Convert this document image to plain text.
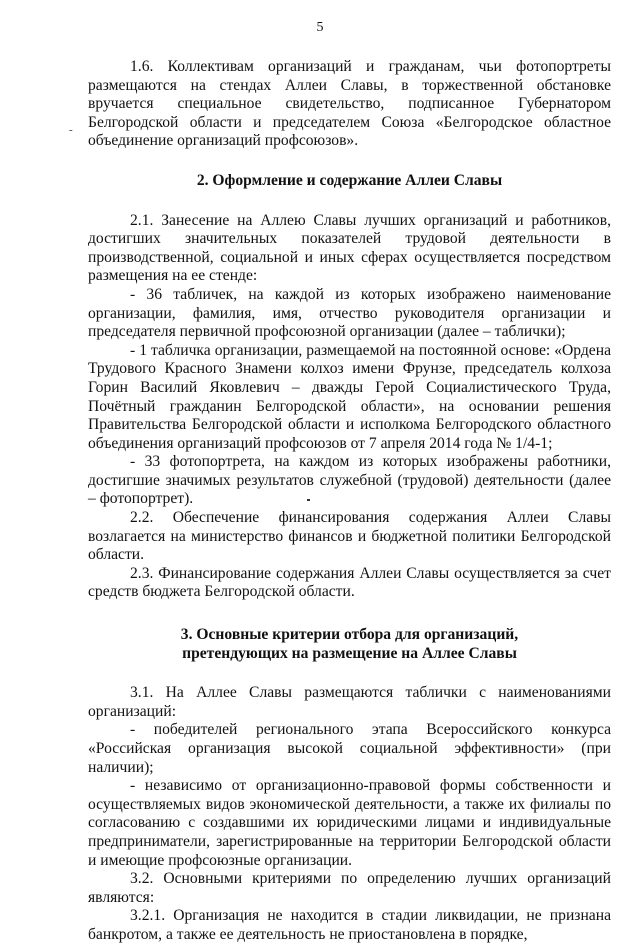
5
-

1.6. Коллективам организаций и гражданам, чьи фотопортреты размещаются на стендах Аллеи Славы, в торжественной обстановке вручается специальное свидетельство, подписанное Губернатором Белгородской области и председателем Союза «Белгородское областное объединение организаций профсоюзов».

2. Оформление и содержание Аллеи Славы

2.1. Занесение на Аллею Славы лучших организаций и работников, достигших значительных показателей трудовой деятельности в производственной, социальной и иных сферах осуществляется посредством размещения на ее стенде:

- 36 табличек, на каждой из которых изображено наименование организации, фамилия, имя, отчество руководителя организации и председателя первичной профсоюзной организации (далее – таблички);

- 1 табличка организации, размещаемой на постоянной основе: «Ордена Трудового Красного Знамени колхоз имени Фрунзе, председатель колхоза Горин Василий Яковлевич – дважды Герой Социалистического Труда, Почётный гражданин Белгородской области», на основании решения Правительства Белгородской области и исполкома Белгородского областного объединения организаций профсоюзов от 7 апреля 2014 года № 1/4-1;

- 33 фотопортрета, на каждом из которых изображены работники, достигшие значимых результатов служебной (трудовой) деятельности (далее – фотопортрет).

2.2. Обеспечение финансирования содержания Аллеи Славы возлагается на министерство финансов и бюджетной политики Белгородской области.

2.3. Финансирование содержания Аллеи Славы осуществляется за счет средств бюджета Белгородской области.

3. Основные критерии отбора для организаций,
претендующих на размещение на Аллее Славы

3.1. На Аллее Славы размещаются таблички с наименованиями организаций:

- победителей регионального этапа Всероссийского конкурса «Российская организация высокой социальной эффективности» (при наличии);

- независимо от организационно-правовой формы собственности и осуществляемых видов экономической деятельности, а также их филиалы по согласованию с создавшими их юридическими лицами и индивидуальные предприниматели, зарегистрированные на территории Белгородской области и имеющие профсоюзные организации.

3.2. Основными критериями по определению лучших организаций являются:

3.2.1. Организация не находится в стадии ликвидации, не признана банкротом, а также ее деятельность не приостановлена в порядке,
